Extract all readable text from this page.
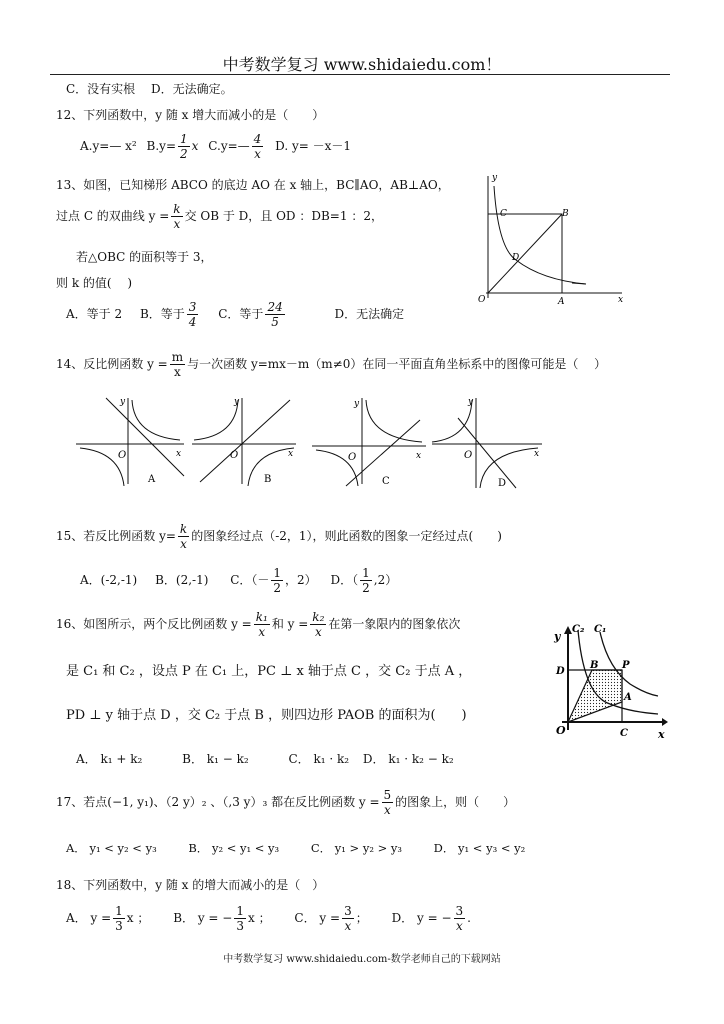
中考数学复习 www.shidaiedu.com！
C．没有实根　 D．无法确定。
12、下列函数中，y 随 x 增大而减小的是（　　）
A.y=— x² $B.y= \frac{1}{2}$ x C.y=— $\frac{4}{x} D$. y= －x－1
13、如图，已知梯形 ABCO 的底边 AO 在 x 轴上，BC∥AO，AB⊥AO，
过点 C 的双曲线 $y = \frac{k}{x}$ 交 OB 于 D，且 OD ：DB=1 ：2，
若△OBC 的面积等于 3，
则 k 的值(　 )
A．等于 2 B．等于 $\frac{3}{4}$ C．等于 $\frac{24}{5}$	D．无法确定
y
x
O	A
B
C
D
14、反比例函数 $y = \frac{m}{x}$ 与一次函数 y=mx－m（m≠0）在同一平面直角坐标系中的图像可能是（　 ）
y
x
O
A
y
x
O
B
y
x
O
C
y
x
O
D
15、若反比例函数 $y= \frac{k}{x}$ 的图象经过点（-2，1），则此函数的图象一定经过点(　　)
A．(-2,-1) B．(2,-1) C．（－ $\frac{1}{2}$ ，2） D．（ $\frac{1}{2} ,2$）
16、如图所示，两个反比例函数 $y = \frac{\text{k₁}}{x}$ 和 $y = \frac{\text{k₂}}{x}$ 在第一象限内的图象依次
是 C₁ 和 C₂ ，设点 P 在 C₁ 上，PC ⊥ x 轴于点 C ，交 C₂ 于点 A ，
PD ⊥ y 轴于点 D ，交 C₂ 于点 B ，则四边形 PAOB 的面积为(　　)
A． k₁ + k₂	B． k₁ − k₂	C． k₁ · k₂ D． k₁ · k₂ − k₂
y
x
O
C₂ C₁
D
B P
A
C
17、若点(−1, y₁)、（2 y）₂ 、（,3 y）₃ 都在反比例函数 $y = \frac{5}{x}$ 的图象上，则（　　）
A． y₁ < y₂ < y₃	B． y₂ < y₁ < y₃	C． y₁ > y₂ > y₃	D． y₁ < y₃ < y₂
18、下列函数中，y 随 x 的增大而减小的是（　）
A． $y = \frac{1}{3}$ x ； B． y = − $\frac{1}{3}$ x ； C． $y = \frac{3}{x}$ ； D． y = − $\frac{3}{x}$ .
中考数学复习 www.shidaiedu.com-数学老师自己的下载网站
